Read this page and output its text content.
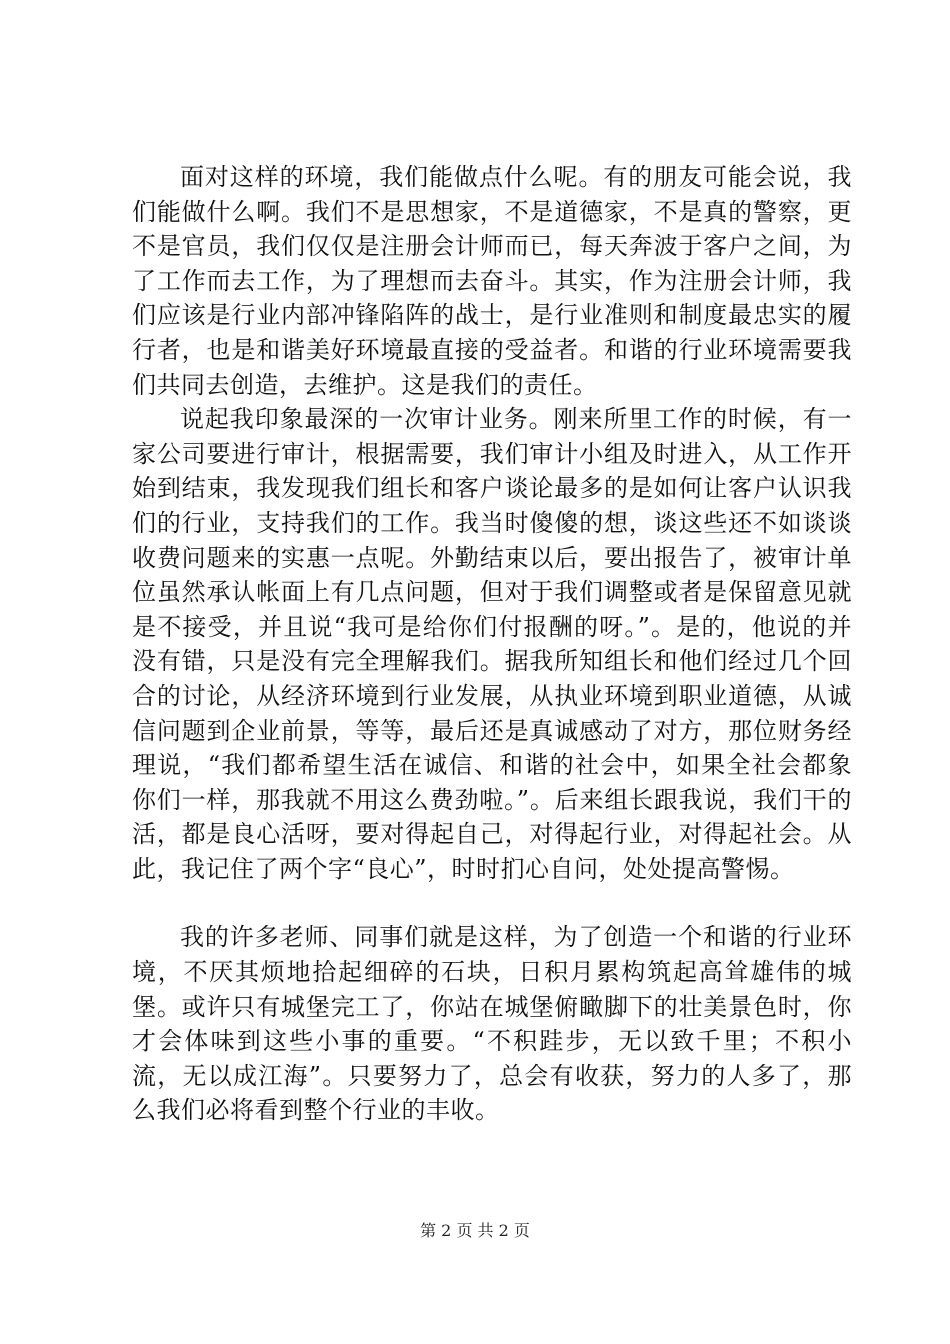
面对这样的环境，我们能做点什么呢。有的朋友可能会说，我们能做什么啊。我们不是思想家，不是道德家，不是真的警察，更不是官员，我们仅仅是注册会计师而已，每天奔波于客户之间，为了工作而去工作，为了理想而去奋斗。其实，作为注册会计师，我们应该是行业内部冲锋陷阵的战士，是行业准则和制度最忠实的履行者，也是和谐美好环境最直接的受益者。和谐的行业环境需要我们共同去创造，去维护。这是我们的责任。

说起我印象最深的一次审计业务。刚来所里工作的时候，有一家公司要进行审计，根据需要，我们审计小组及时进入，从工作开始到结束，我发现我们组长和客户谈论最多的是如何让客户认识我们的行业，支持我们的工作。我当时傻傻的想，谈这些还不如谈谈收费问题来的实惠一点呢。外勤结束以后，要出报告了，被审计单位虽然承认帐面上有几点问题，但对于我们调整或者是保留意见就是不接受，并且说“我可是给你们付报酬的呀。”。是的，他说的并没有错，只是没有完全理解我们。据我所知组长和他们经过几个回合的讨论，从经济环境到行业发展，从执业环境到职业道德，从诚信问题到企业前景，等等，最后还是真诚感动了对方，那位财务经理说，“我们都希望生活在诚信、和谐的社会中，如果全社会都象你们一样，那我就不用这么费劲啦。”。后来组长跟我说，我们干的活，都是良心活呀，要对得起自己，对得起行业，对得起社会。从此，我记住了两个字“良心”，时时扪心自问，处处提高警惕。

我的许多老师、同事们就是这样，为了创造一个和谐的行业环境，不厌其烦地拾起细碎的石块，日积月累构筑起高耸雄伟的城堡。或许只有城堡完工了，你站在城堡俯瞰脚下的壮美景色时，你才会体味到这些小事的重要。“不积跬步，无以致千里；不积小流，无以成江海”。只要努力了，总会有收获，努力的人多了，那么我们必将看到整个行业的丰收。

第 2 页 共 2 页
